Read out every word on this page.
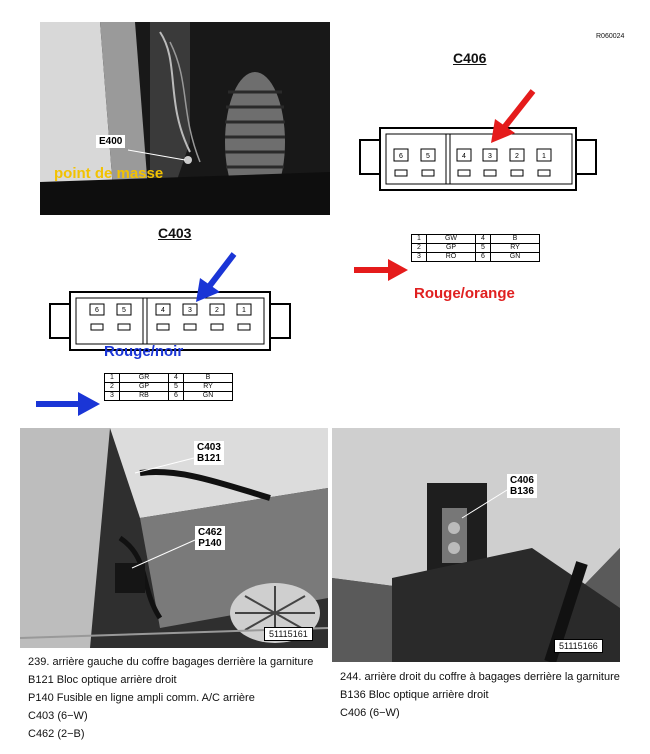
R060024
E400
point de masse
C406
6	5	4	3	2	1
1	GW	4	B
2	GP	5	RY
3	RO	6	GN
Rouge/orange
C403
6	5	4	3	2	1
Rouge/noir
1	GR	4	B
2	GP	5	RY
3	RB	6	GN
C403
B121
C462
P140
51115161
C406
B136
51115166
239. arrière gauche du coffre bagages derrière la garniture
B121 Bloc optique arrière droit
P140 Fusible en ligne ampli comm. A/C arrière
C403 (6−W)
C462 (2−B)
244. arrière droit du coffre à bagages derrière la garniture
B136 Bloc optique arrière droit
C406 (6−W)
